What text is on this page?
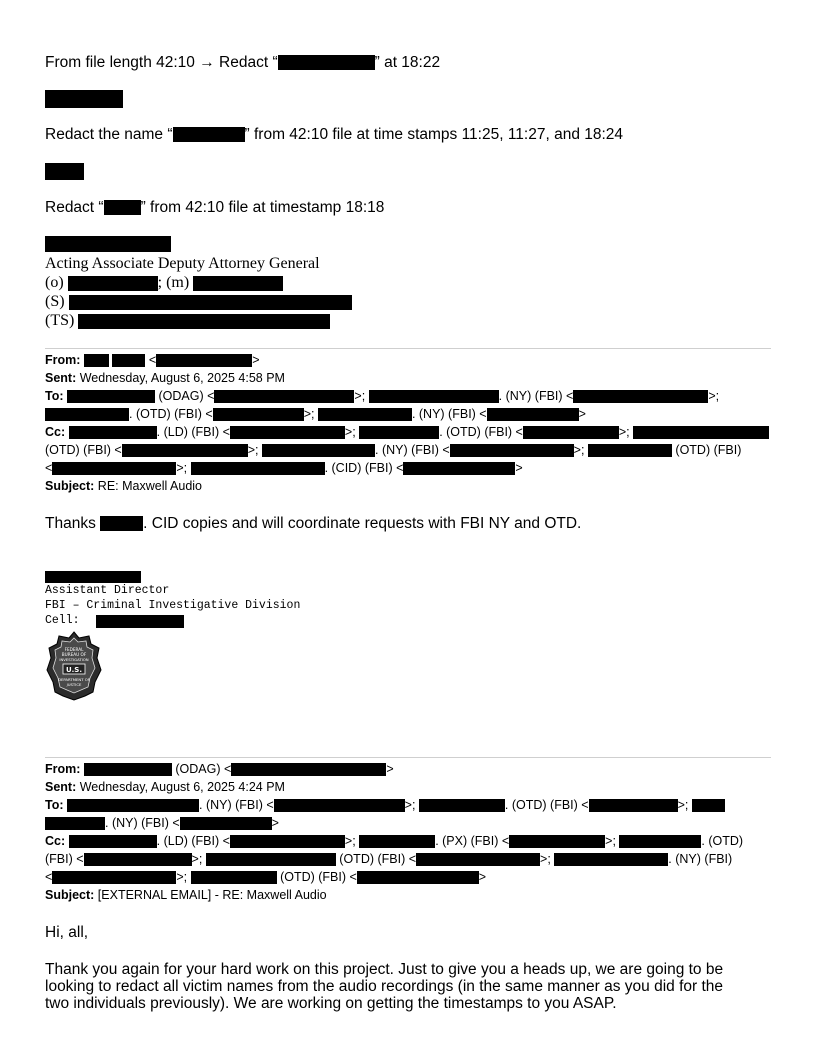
From file length 42:10 → Redact “	” at 18:22
Redact the name “	” from 42:10 file at time stamps 11:25, 11:27, and 18:24
Redact “ ” from 42:10 file at timestamp 18:18
Acting Associate Deputy Attorney General
(o)	; (m)
(S)
(TS)
From:	<	>
Sent: Wednesday, August 6, 2025 4:58 PM
To:	(ODAG) <	>;	. (NY) (FBI) <	>;
. (OTD) (FBI) <	>;	. (NY) (FBI) <	>
Cc:	. (LD) (FBI) <	>;	. (OTD) (FBI) <	>;
(OTD) (FBI) <	>;	. (NY) (FBI) <	>;	(OTD) (FBI)
<	>;	. (CID) (FBI) <	>
Subject: RE: Maxwell Audio
Thanks	. CID copies and will coordinate requests with FBI NY and OTD.
Assistant Director
FBI – Criminal Investigative Division
Cell:
FEDERAL
BUREAU OF
INVESTIGATION
U.S.
DEPARTMENT OF
JUSTICE
From:	(ODAG) <	>
Sent: Wednesday, August 6, 2025 4:24 PM
To:	. (NY) (FBI) <	>;	. (OTD) (FBI) <	>;
. (NY) (FBI) <	>
Cc:	. (LD) (FBI) <	>;	. (PX) (FBI) <	>;	. (OTD)
(FBI) <	>;	(OTD) (FBI) <	>;	. (NY) (FBI)
<	>;	(OTD) (FBI) <	>
Subject: [EXTERNAL EMAIL] - RE: Maxwell Audio
Hi, all,
Thank you again for your hard work on this project. Just to give you a heads up, we are going to be
looking to redact all victim names from the audio recordings (in the same manner as you did for the
two individuals previously). We are working on getting the timestamps to you ASAP.
